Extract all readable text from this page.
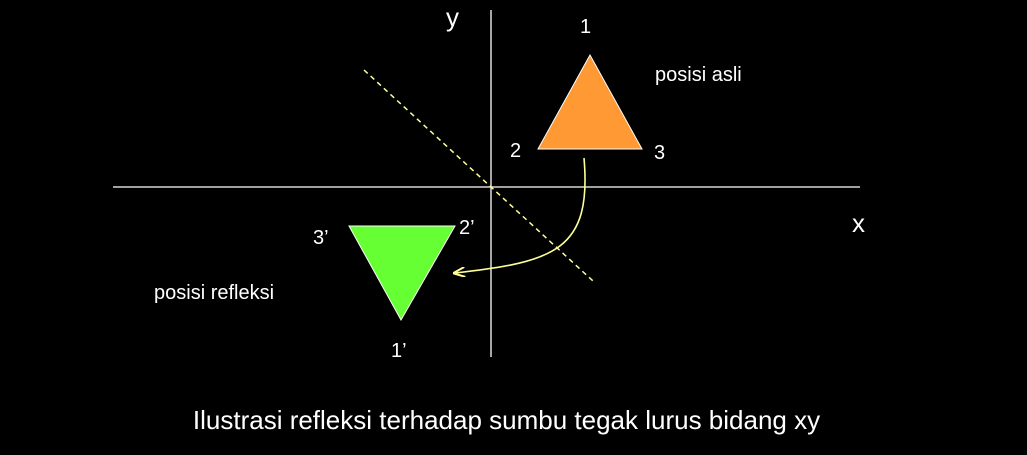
y
x
1
2	3
posisi asli
1’
2’
3’
posisi refleksi
Ilustrasi refleksi terhadap sumbu tegak lurus bidang xy
